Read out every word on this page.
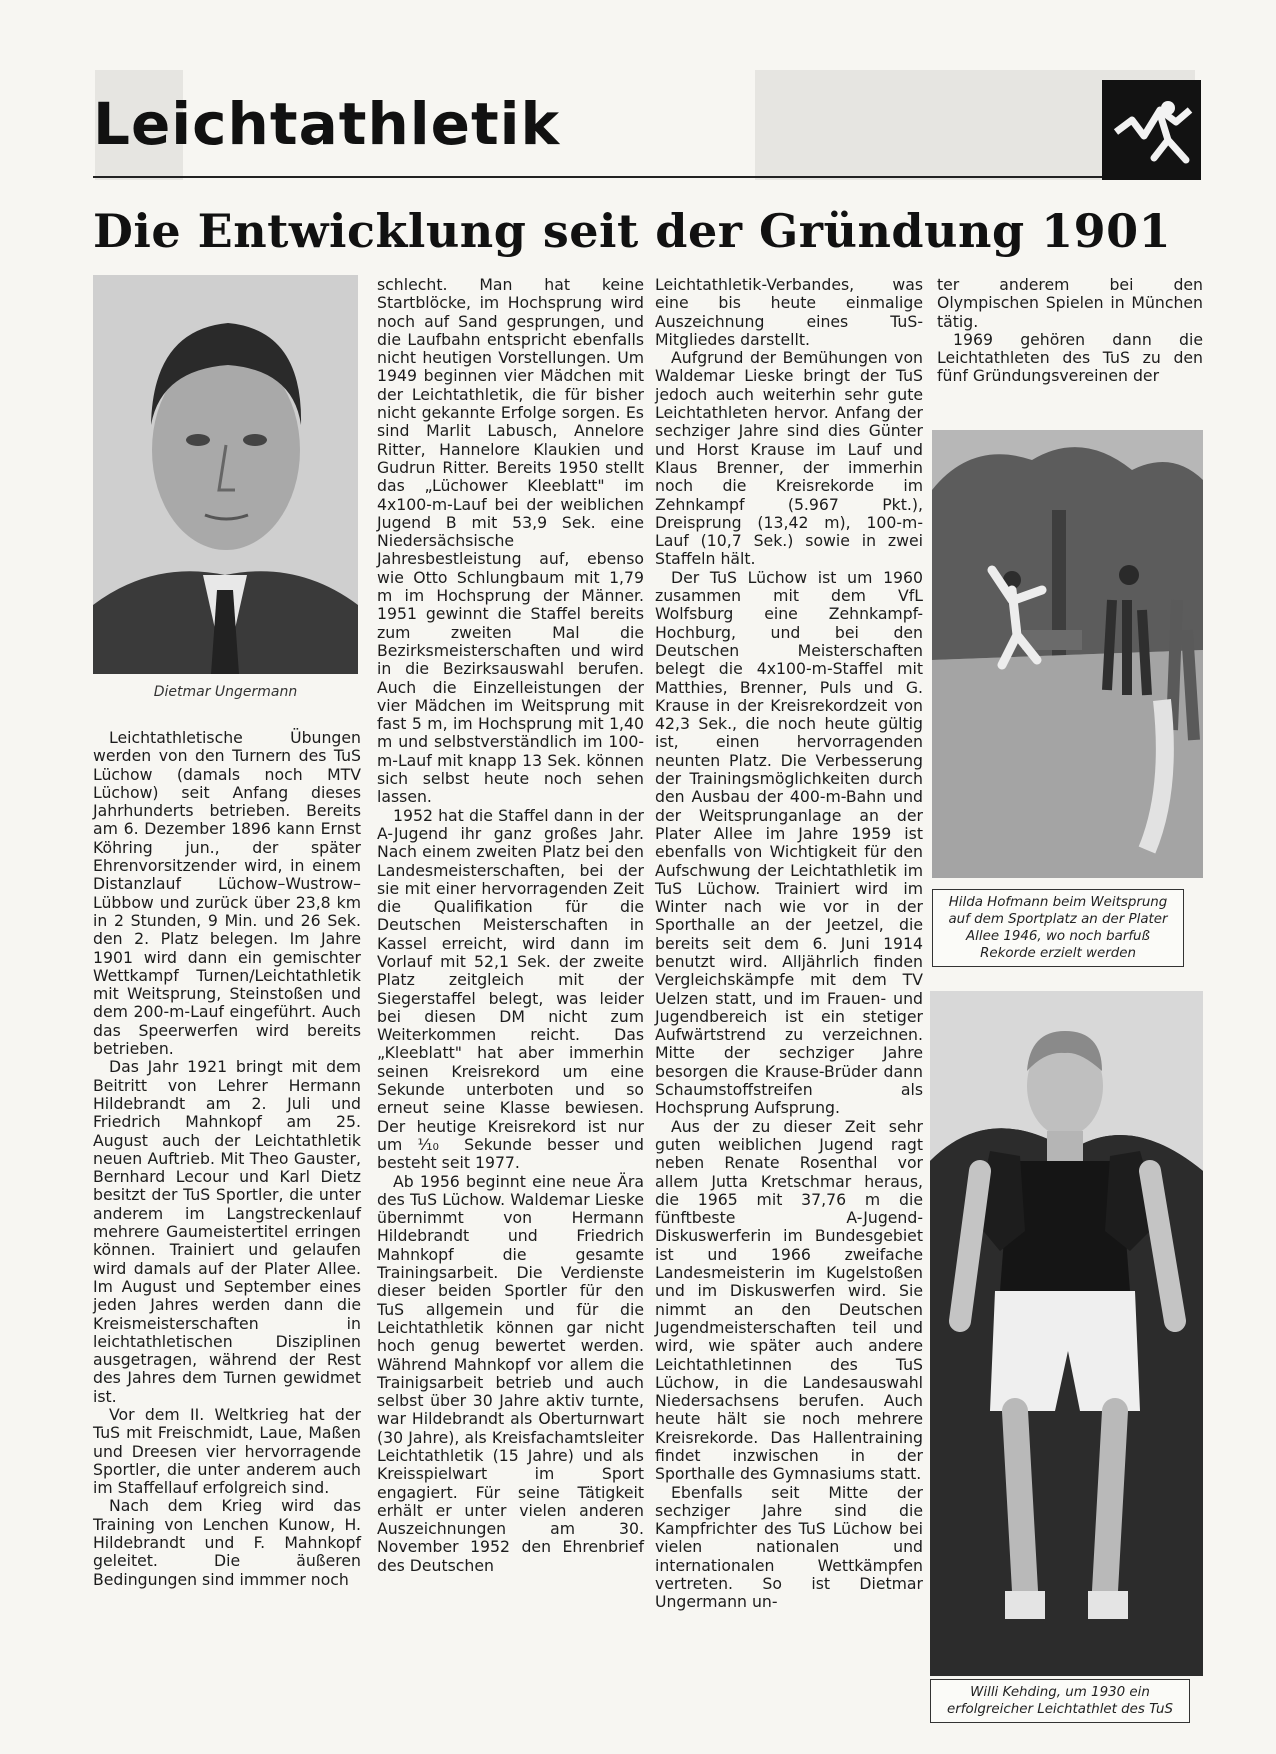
Leichtathletik
Die Entwicklung seit der Gründung 1901
Dietmar Ungermann

Leichtathletische Übungen werden von den Turnern des TuS Lüchow (damals noch MTV Lüchow) seit Anfang dieses Jahrhunderts betrieben. Bereits am 6. Dezember 1896 kann Ernst Köhring jun., der später Ehrenvorsitzender wird, in einem Distanzlauf Lüchow–Wustrow–Lübbow und zurück über 23,8 km in 2 Stunden, 9 Min. und 26 Sek. den 2. Platz belegen. Im Jahre 1901 wird dann ein gemischter Wettkampf Turnen/Leichtathletik mit Weitsprung, Steinstoßen und dem 200-m-Lauf eingeführt. Auch das Speerwerfen wird bereits betrieben.

Das Jahr 1921 bringt mit dem Beitritt von Lehrer Hermann Hildebrandt am 2. Juli und Friedrich Mahnkopf am 25. August auch der Leichtathletik neuen Auftrieb. Mit Theo Gauster, Bernhard Lecour und Karl Dietz besitzt der TuS Sportler, die unter anderem im Langstreckenlauf mehrere Gaumeistertitel erringen können. Trainiert und gelaufen wird damals auf der Plater Allee. Im August und September eines jeden Jahres werden dann die Kreismeisterschaften in leichtathletischen Disziplinen ausgetragen, während der Rest des Jahres dem Turnen gewidmet ist.

Vor dem II. Weltkrieg hat der TuS mit Freischmidt, Laue, Maßen und Dreesen vier hervorragende Sportler, die unter anderem auch im Staffellauf erfolgreich sind.

Nach dem Krieg wird das Training von Lenchen Kunow, H. Hildebrandt und F. Mahnkopf geleitet. Die äußeren Bedingungen sind immmer noch

schlecht. Man hat keine Startblöcke, im Hochsprung wird noch auf Sand gesprungen, und die Laufbahn entspricht ebenfalls nicht heutigen Vorstellungen. Um 1949 beginnen vier Mädchen mit der Leichtathletik, die für bisher nicht gekannte Erfolge sorgen. Es sind Marlit Labusch, Annelore Ritter, Hannelore Klaukien und Gudrun Ritter. Bereits 1950 stellt das „Lüchower Kleeblatt" im 4x100-m-Lauf bei der weiblichen Jugend B mit 53,9 Sek. eine Niedersächsische Jahresbestleistung auf, ebenso wie Otto Schlungbaum mit 1,79 m im Hochsprung der Männer. 1951 gewinnt die Staffel bereits zum zweiten Mal die Bezirksmeisterschaften und wird in die Bezirksauswahl berufen. Auch die Einzelleistungen der vier Mädchen im Weitsprung mit fast 5 m, im Hochsprung mit 1,40 m und selbstverständlich im 100-m-Lauf mit knapp 13 Sek. können sich selbst heute noch sehen lassen.

1952 hat die Staffel dann in der A-Jugend ihr ganz großes Jahr. Nach einem zweiten Platz bei den Landesmeisterschaften, bei der sie mit einer hervorragenden Zeit die Qualifikation für die Deutschen Meisterschaften in Kassel erreicht, wird dann im Vorlauf mit 52,1 Sek. der zweite Platz zeitgleich mit der Siegerstaffel belegt, was leider bei diesen DM nicht zum Weiterkommen reicht. Das „Kleeblatt" hat aber immerhin seinen Kreisrekord um eine Sekunde unterboten und so erneut seine Klasse bewiesen. Der heutige Kreisrekord ist nur um ⅒ Sekunde besser und besteht seit 1977.

Ab 1956 beginnt eine neue Ära des TuS Lüchow. Waldemar Lieske übernimmt von Hermann Hildebrandt und Friedrich Mahnkopf die gesamte Trainingsarbeit. Die Verdienste dieser beiden Sportler für den TuS allgemein und für die Leichtathletik können gar nicht hoch genug bewertet werden. Während Mahnkopf vor allem die Trainigsarbeit betrieb und auch selbst über 30 Jahre aktiv turnte, war Hildebrandt als Oberturnwart (30 Jahre), als Kreisfachamtsleiter Leichtathletik (15 Jahre) und als Kreisspielwart im Sport engagiert. Für seine Tätigkeit erhält er unter vielen anderen Auszeichnungen am 30. November 1952 den Ehrenbrief des Deutschen

Leichtathletik-Verbandes, was eine bis heute einmalige Auszeichnung eines TuS-Mitgliedes darstellt.

Aufgrund der Bemühungen von Waldemar Lieske bringt der TuS jedoch auch weiterhin sehr gute Leichtathleten hervor. Anfang der sechziger Jahre sind dies Günter und Horst Krause im Lauf und Klaus Brenner, der immerhin noch die Kreisrekorde im Zehnkampf (5.967 Pkt.), Dreisprung (13,42 m), 100-m-Lauf (10,7 Sek.) sowie in zwei Staffeln hält.

Der TuS Lüchow ist um 1960 zusammen mit dem VfL Wolfsburg eine Zehnkampf-Hochburg, und bei den Deutschen Meisterschaften belegt die 4x100-m-Staffel mit Matthies, Brenner, Puls und G. Krause in der Kreisrekordzeit von 42,3 Sek., die noch heute gültig ist, einen hervorragenden neunten Platz. Die Verbesserung der Trainingsmöglichkeiten durch den Ausbau der 400-m-Bahn und der Weitsprunganlage an der Plater Allee im Jahre 1959 ist ebenfalls von Wichtigkeit für den Aufschwung der Leichtathletik im TuS Lüchow. Trainiert wird im Winter nach wie vor in der Sporthalle an der Jeetzel, die bereits seit dem 6. Juni 1914 benutzt wird. Alljährlich finden Vergleichskämpfe mit dem TV Uelzen statt, und im Frauen- und Jugendbereich ist ein stetiger Aufwärtstrend zu verzeichnen. Mitte der sechziger Jahre besorgen die Krause-Brüder dann Schaumstoffstreifen als Hochsprung Aufsprung.

Aus der zu dieser Zeit sehr guten weiblichen Jugend ragt neben Renate Rosenthal vor allem Jutta Kretschmar heraus, die 1965 mit 37,76 m die fünftbeste A-Jugend-Diskuswerferin im Bundesgebiet ist und 1966 zweifache Landesmeisterin im Kugelstoßen und im Diskuswerfen wird. Sie nimmt an den Deutschen Jugendmeisterschaften teil und wird, wie später auch andere Leichtathletinnen des TuS Lüchow, in die Landesauswahl Niedersachsens berufen. Auch heute hält sie noch mehrere Kreisrekorde. Das Hallentraining findet inzwischen in der Sporthalle des Gymnasiums statt.

Ebenfalls seit Mitte der sechziger Jahre sind die Kampfrichter des TuS Lüchow bei vielen nationalen und internationalen Wettkämpfen vertreten. So ist Dietmar Ungermann un-

ter anderem bei den Olympischen Spielen in München tätig.

1969 gehören dann die Leichtathleten des TuS zu den fünf Gründungsvereinen der

Hilda Hofmann beim Weitsprung auf dem Sportplatz an der Plater Allee 1946, wo noch barfuß Rekorde erzielt werden
Willi Kehding, um 1930 ein erfolgreicher Leichtathlet des TuS
